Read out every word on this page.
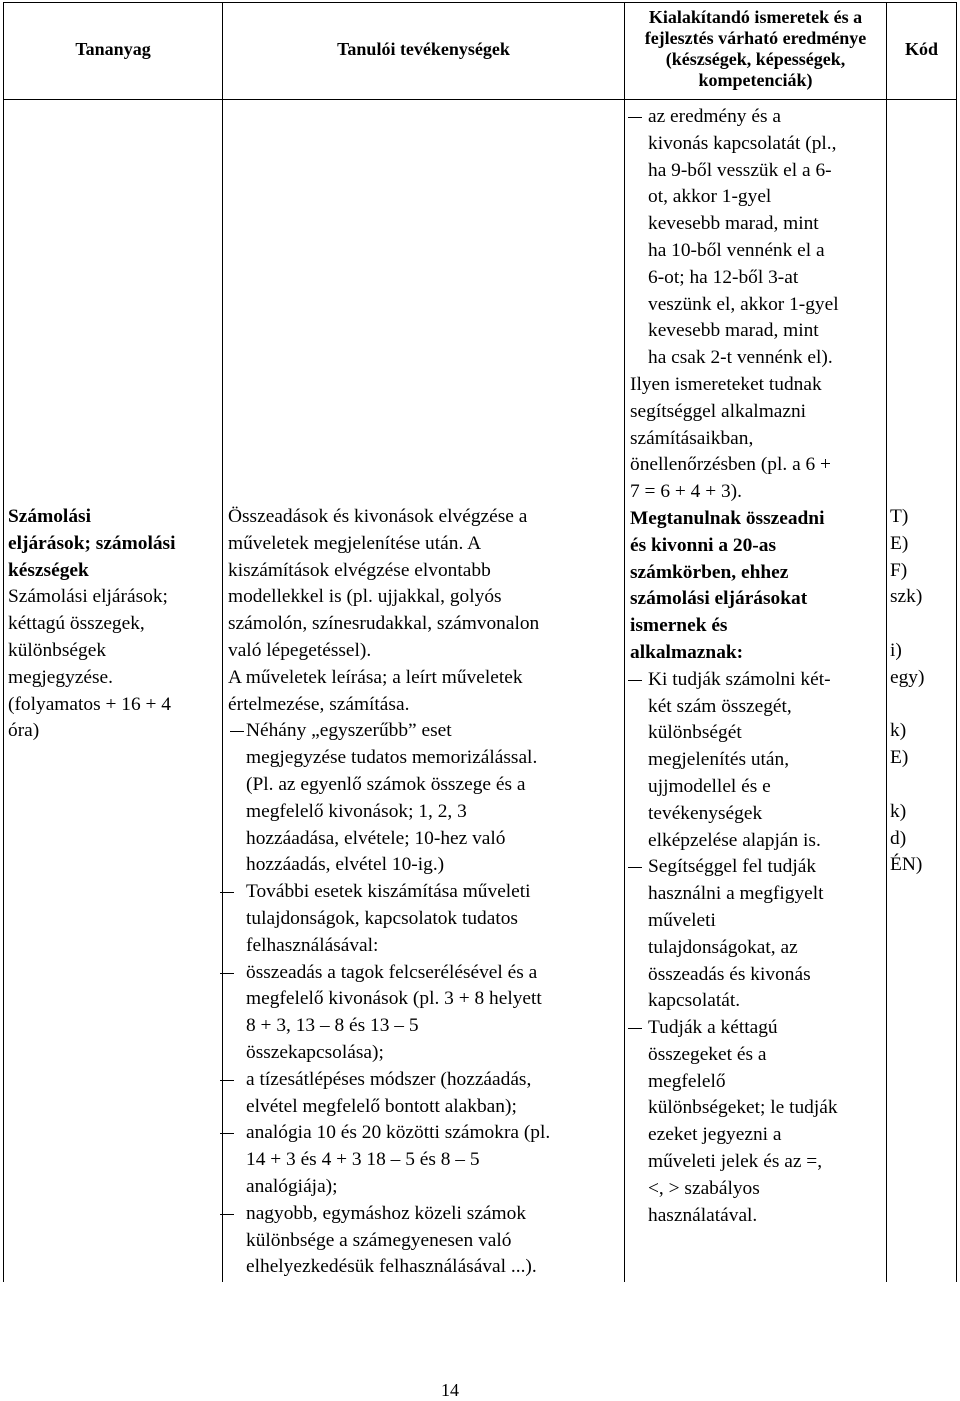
Tananyag	Tanulói tevékenységek
Kialakítandó ismeretek és a
fejlesztés várható eredménye
(készségek, képességek,
kompetenciák)
Kód

Számolási

eljárások; számolási

készségek

Számolási eljárások;

kéttagú összegek,

különbségek

megjegyzése.

(folyamatos + 16 + 4

óra)

Összeadások és kivonások elvégzése a

műveletek megjelenítése után. A

kiszámítások elvégzése elvontabb

modellekkel is (pl. ujjakkal, golyós

számolón, színesrudakkal, számvonalon

való lépegetéssel).

A műveletek leírása; a leírt műveletek

értelmezése, számítása.

Néhány „egyszerűbb” eset

megjegyzése tudatos memorizálással.

(Pl. az egyenlő számok összege és a

megfelelő kivonások; 1, 2, 3

hozzáadása, elvétele; 10-hez való

hozzáadás, elvétel 10-ig.)

További esetek kiszámítása műveleti

tulajdonságok, kapcsolatok tudatos

felhasználásával:

összeadás a tagok felcserélésével és a

megfelelő kivonások (pl. 3 + 8 helyett

8 + 3, 13 – 8 és 13 – 5

összekapcsolása);

a tízesátlépéses módszer (hozzáadás,

elvétel megfelelő bontott alakban);

analógia 10 és 20 közötti számokra (pl.

14 + 3 és 4 + 3 18 – 5 és 8 – 5

analógiája);

nagyobb, egymáshoz közeli számok

különbsége a számegyenesen való

elhelyezkedésük felhasználásával ...).

az eredmény és a

kivonás kapcsolatát (pl.,

ha 9-ből vesszük el a 6-

ot, akkor 1-gyel

kevesebb marad, mint

ha 10-ből vennénk el a

6-ot; ha 12-ből 3-at

veszünk el, akkor 1-gyel

kevesebb marad, mint

ha csak 2-t vennénk el).

Ilyen ismereteket tudnak

segítséggel alkalmazni

számításaikban,

önellenőrzésben (pl. a 6 +

7 = 6 + 4 + 3).

Megtanulnak összeadni

és kivonni a 20-as

számkörben, ehhez

számolási eljárásokat

ismernek és

alkalmaznak:

Ki tudják számolni két-

két szám összegét,

különbségét

megjelenítés után,

ujjmodellel és e

tevékenységek

elképzelése alapján is.

Segítséggel fel tudják

használni a megfigyelt

műveleti

tulajdonságokat, az

összeadás és kivonás

kapcsolatát.

Tudják a kéttagú

összegeket és a

megfelelő

különbségeket; le tudják

ezeket jegyezni a

műveleti jelek és az =,

<, > szabályos

használatával.

T)

E)

F)

szk)

i)

egy)

k)

E)

k)

d)

ÉN)

14
